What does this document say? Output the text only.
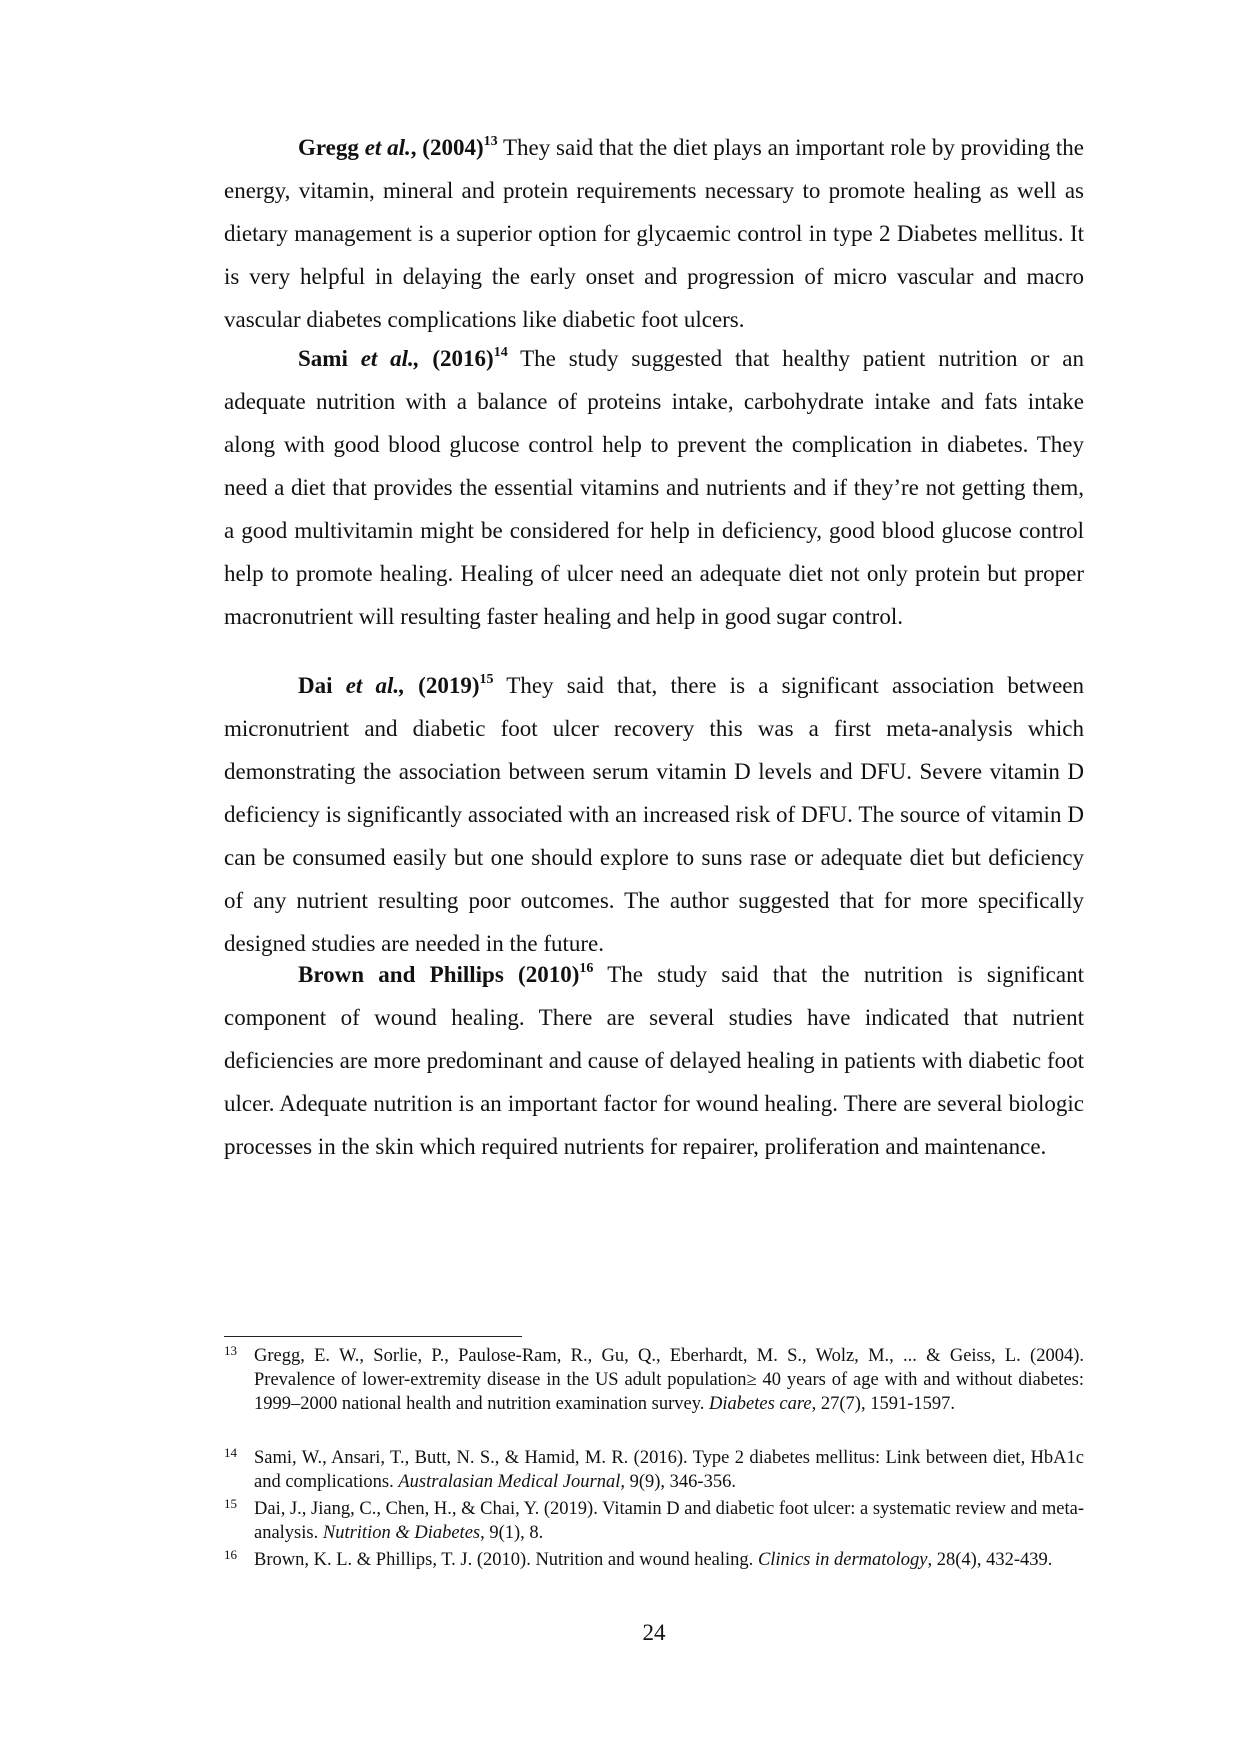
Gregg et al., $(2004)^{13}$ They said that the diet plays an important role by providing the energy, vitamin, mineral and protein requirements necessary to promote healing as well as dietary management is a superior option for glycaemic control in type 2 Diabetes mellitus. It is very helpful in delaying the early onset and progression of micro vascular and macro vascular diabetes complications like diabetic foot ulcers.

Sami et al., $(2016)^{14}$ The study suggested that healthy patient nutrition or an adequate nutrition with a balance of proteins intake, carbohydrate intake and fats intake along with good blood glucose control help to prevent the complication in diabetes. They need a diet that provides the essential vitamins and nutrients and if they’re not getting them, a good multivitamin might be considered for help in deficiency, good blood glucose control help to promote healing. Healing of ulcer need an adequate diet not only protein but proper macronutrient will resulting faster healing and help in good sugar control.

Dai et al., $(2019)^{15}$ They said that, there is a significant association between micronutrient and diabetic foot ulcer recovery this was a first meta-analysis which demonstrating the association between serum vitamin D levels and DFU. Severe vitamin D deficiency is significantly associated with an increased risk of DFU. The source of vitamin D can be consumed easily but one should explore to suns rase or adequate diet but deficiency of any nutrient resulting poor outcomes. The author suggested that for more specifically designed studies are needed in the future.

Brown and Phillips $(2010)^{16}$ The study said that the nutrition is significant component of wound healing. There are several studies have indicated that nutrient deficiencies are more predominant and cause of delayed healing in patients with diabetic foot ulcer. Adequate nutrition is an important factor for wound healing. There are several biologic processes in the skin which required nutrients for repairer, proliferation and maintenance.

13 Gregg, E. W., Sorlie, P., Paulose-Ram, R., Gu, Q., Eberhardt, M. S., Wolz, M., ... & Geiss, L. (2004). Prevalence of lower-extremity disease in the US adult population≥ 40 years of age with and without diabetes: 1999–2000 national health and nutrition examination survey. Diabetes care, 27(7), 1591-1597.

14 Sami, W., Ansari, T., Butt, N. S., & Hamid, M. R. (2016). Type 2 diabetes mellitus: Link between diet, HbA1c and complications. Australasian Medical Journal, 9(9), 346-356.

15 Dai, J., Jiang, C., Chen, H., & Chai, Y. (2019). Vitamin D and diabetic foot ulcer: a systematic review and meta-analysis. Nutrition & Diabetes, 9(1), 8.

16 Brown, K. L. & Phillips, T. J. (2010). Nutrition and wound healing. Clinics in dermatology, 28(4), 432-439.

24
